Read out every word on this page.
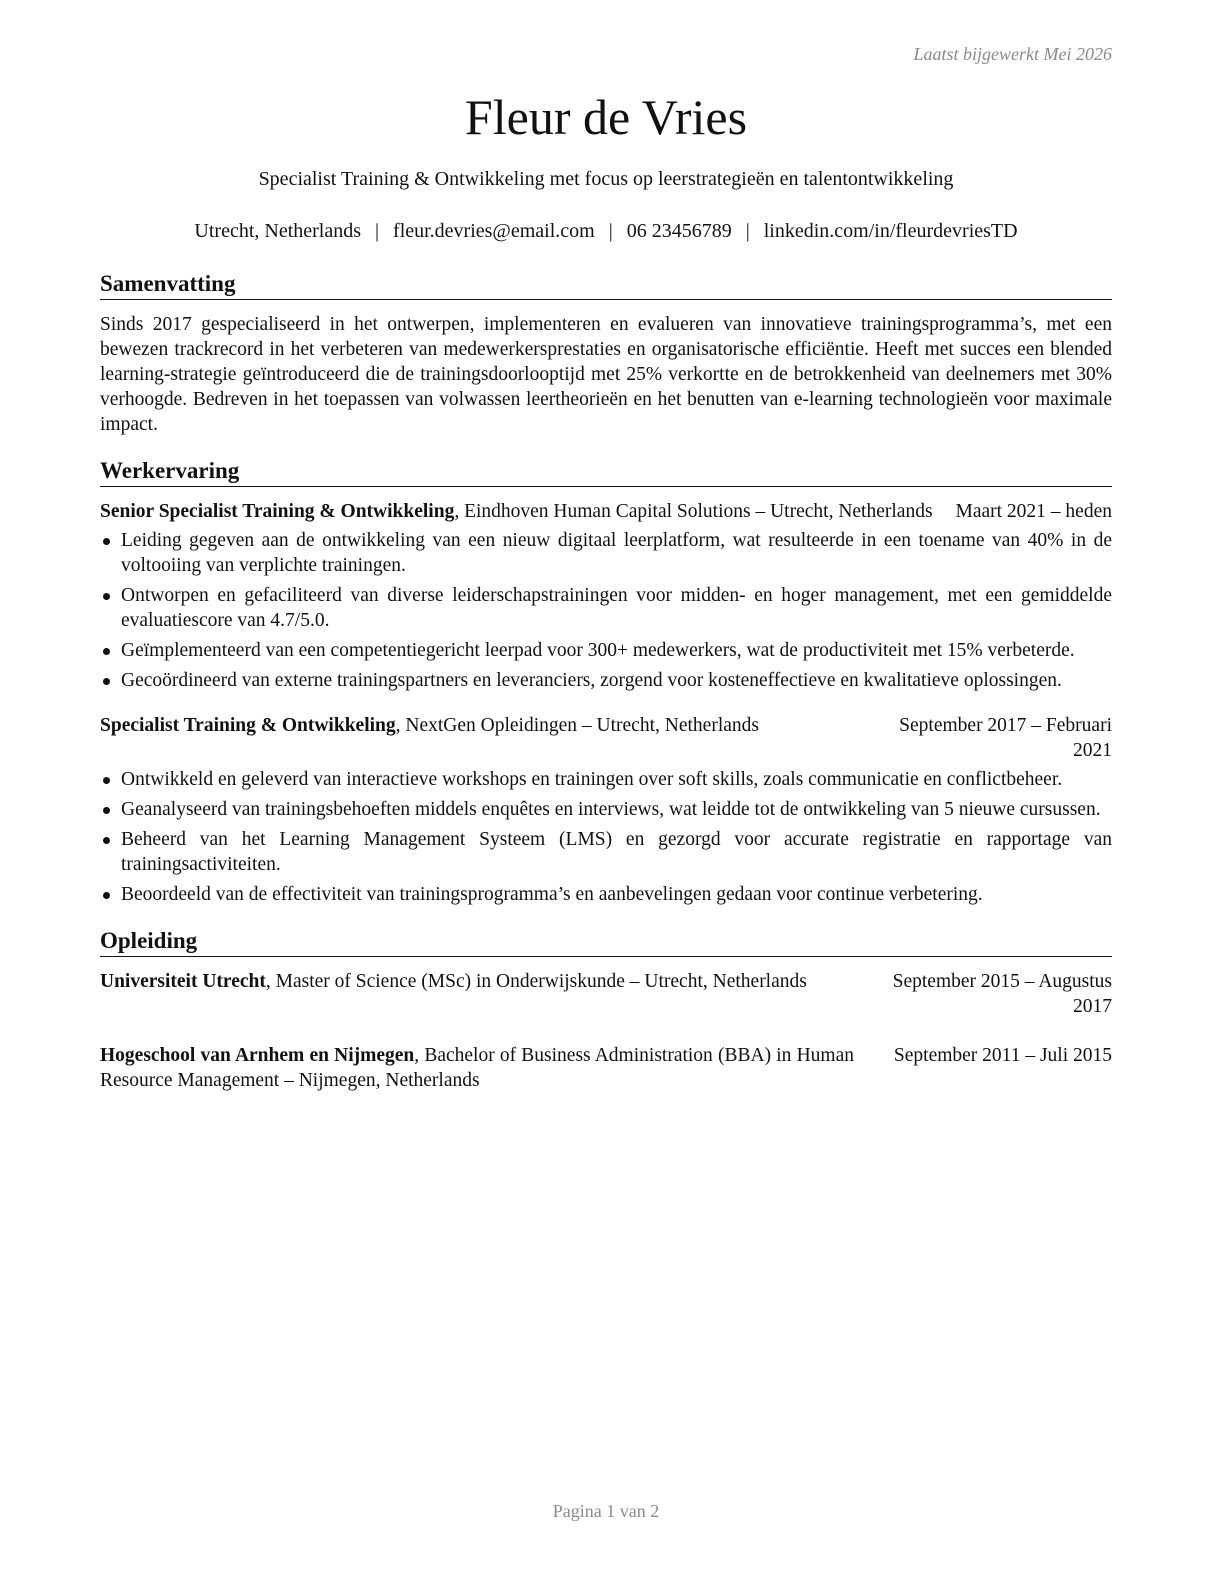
Laatst bijgewerkt Mei 2026
Fleur de Vries
Specialist Training & Ontwikkeling met focus op leerstrategieën en talentontwikkeling
Utrecht, Netherlands | fleur.devries@email.com | 06 23456789 | linkedin.com/in/fleurdevriesTD
Samenvatting
Sinds 2017 gespecialiseerd in het ontwerpen, implementeren en evalueren van innovatieve trainingsprogramma’s, met een bewezen trackrecord in het verbeteren van medewerkersprestaties en organisatorische efficiëntie. Heeft met succes een blended learning-strategie geïntroduceerd die de trainingsdoorlooptijd met 25% verkortte en de betrokkenheid van deelnemers met 30% verhoogde. Bedreven in het toepassen van volwassen leertheorieën en het benutten van e-learning technologieën voor maximale impact.
Werkervaring
Senior Specialist Training & Ontwikkeling, Eindhoven Human Capital Solutions – Utrecht, Netherlands Maart 2021 – heden
Leiding gegeven aan de ontwikkeling van een nieuw digitaal leerplatform, wat resulteerde in een toename van 40% in de voltooiing van verplichte trainingen.
Ontworpen en gefaciliteerd van diverse leiderschapstrainingen voor midden- en hoger management, met een gemiddelde evaluatiescore van 4.7/5.0.
Geïmplementeerd van een competentiegericht leerpad voor 300+ medewerkers, wat de productiviteit met 15% verbeterde.
Gecoördineerd van externe trainingspartners en leveranciers, zorgend voor kosteneffectieve en kwalitatieve oplossingen.
Specialist Training & Ontwikkeling, NextGen Opleidingen – Utrecht, Netherlands	September 2017 – Februari 2021
Ontwikkeld en geleverd van interactieve workshops en trainingen over soft skills, zoals communicatie en conflictbeheer.
Geanalyseerd van trainingsbehoeften middels enquêtes en interviews, wat leidde tot de ontwikkeling van 5 nieuwe cursussen.
Beheerd van het Learning Management Systeem (LMS) en gezorgd voor accurate registratie en rapportage van trainingsactiviteiten.
Beoordeeld van de effectiviteit van trainingsprogramma’s en aanbevelingen gedaan voor continue verbetering.
Opleiding
Universiteit Utrecht, Master of Science (MSc) in Onderwijskunde – Utrecht, Netherlands	September 2015 – Augustus 2017
Hogeschool van Arnhem en Nijmegen, Bachelor of Business Administration (BBA) in Human Resource Management – Nijmegen, Netherlands
September 2011 – Juli 2015
Pagina 1 van 2
